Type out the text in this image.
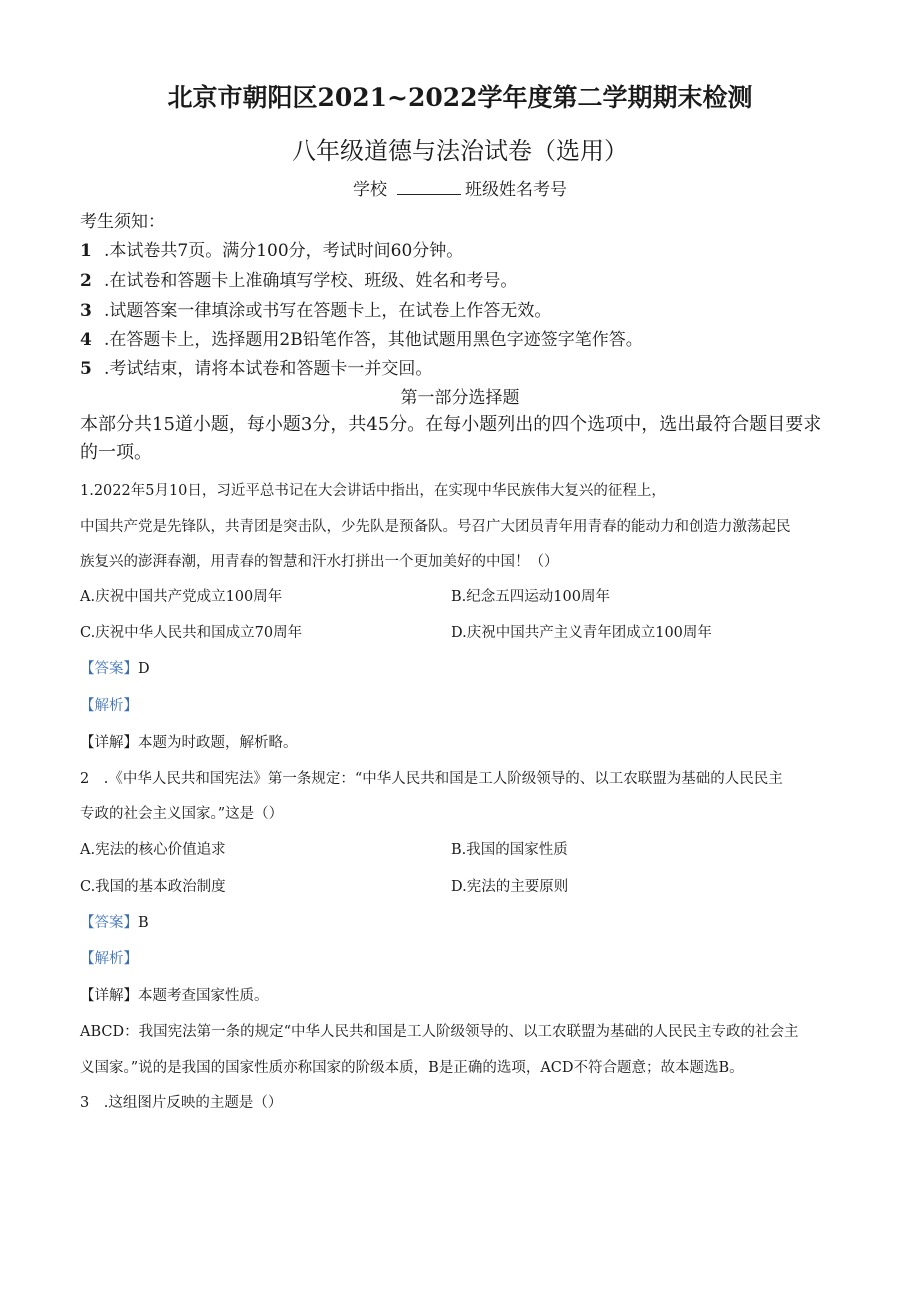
北京市朝阳区2021~2022学年度第二学期期末检测
八年级道德与法治试卷（选用）
学校	班级姓名考号
考生须知：
1 .本试卷共7页。满分100分，考试时间60分钟。
2 .在试卷和答题卡上准确填写学校、班级、姓名和考号。
3 .试题答案一律填涂或书写在答题卡上，在试卷上作答无效。
4 .在答题卡上，选择题用2B铅笔作答，其他试题用黑色字迹签字笔作答。
5 .考试结束，请将本试卷和答题卡一并交回。
第一部分选择题
本部分共15道小题，每小题3分，共45分。在每小题列出的四个选项中，选出最符合题目要求
的一项。
1.2022年5月10日，习近平总书记在大会讲话中指出，在实现中华民族伟大复兴的征程上，
中国共产党是先锋队，共青团是突击队，少先队是预备队。号召广大团员青年用青春的能动力和创造力激荡起民
族复兴的澎湃春潮，用青春的智慧和汗水打拼出一个更加美好的中国！（）
A.庆祝中国共产党成立100周年	B.纪念五四运动100周年
C.庆祝中华人民共和国成立70周年	D.庆祝中国共产主义青年团成立100周年
【答案】D
【解析】
【详解】本题为时政题，解析略。
2　.《中华人民共和国宪法》第一条规定：“中华人民共和国是工人阶级领导的、以工农联盟为基础的人民民主
专政的社会主义国家。”这是（）
A.宪法的核心价值追求	B.我国的国家性质
C.我国的基本政治制度	D.宪法的主要原则
【答案】B
【解析】
【详解】本题考查国家性质。
ABCD：我国宪法第一条的规定“中华人民共和国是工人阶级领导的、以工农联盟为基础的人民民主专政的社会主
义国家。”说的是我国的国家性质亦称国家的阶级本质，B是正确的选项，ACD不符合题意；故本题选B。
3　.这组图片反映的主题是（）
